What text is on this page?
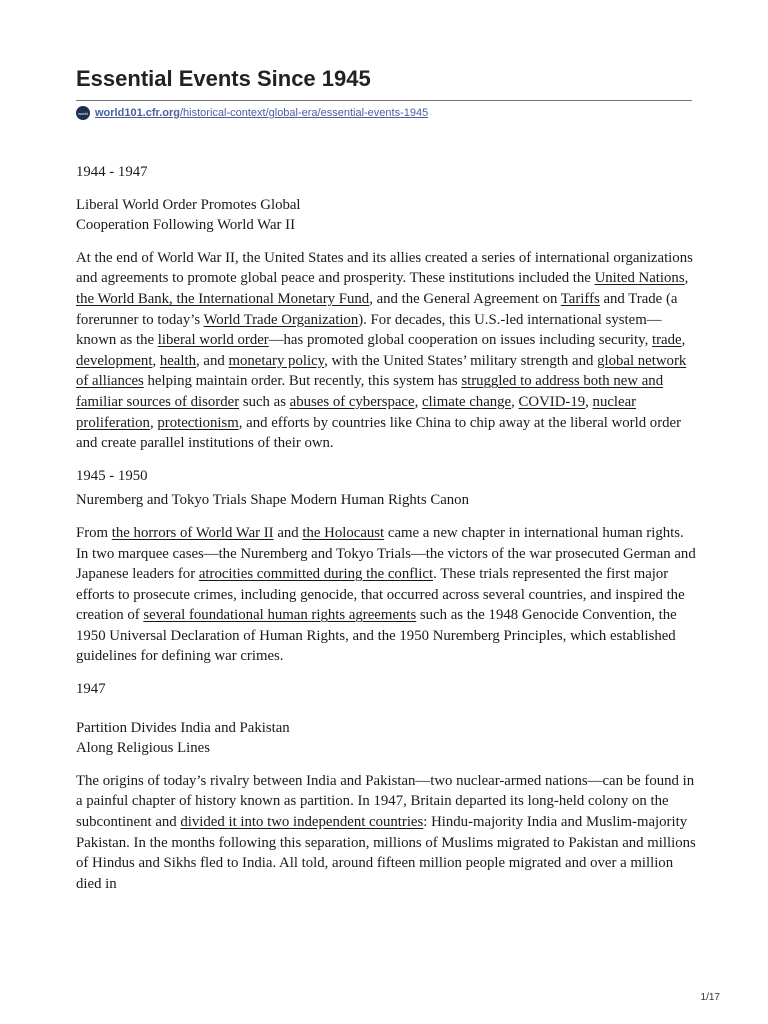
Essential Events Since 1945
world world101.cfr.org /historical-context/global-era/essential-events-1945

1944 - 1947

Liberal World Order Promotes Global
Cooperation Following World War II

At the end of World War II, the United States and its allies created a series of international organizations and agreements to promote global peace and prosperity. These institutions included the United Nations, the World Bank, the International Monetary Fund, and the General Agreement on Tariffs and Trade (a forerunner to today’s World Trade Organization). For decades, this U.S.-led international system—known as the liberal world order—has promoted global cooperation on issues including security, trade, development, health, and monetary policy, with the United States’ military strength and global network of alliances helping maintain order. But recently, this system has struggled to address both new and familiar sources of disorder such as abuses of cyberspace, climate change, COVID-19, nuclear proliferation, protectionism, and efforts by countries like China to chip away at the liberal world order and create parallel institutions of their own.

1945 - 1950

Nuremberg and Tokyo Trials Shape Modern Human Rights Canon

From the horrors of World War II and the Holocaust came a new chapter in international human rights. In two marquee cases—the Nuremberg and Tokyo Trials—the victors of the war prosecuted German and Japanese leaders for atrocities committed during the conflict. These trials represented the first major efforts to prosecute crimes, including genocide, that occurred across several countries, and inspired the creation of several foundational human rights agreements such as the 1948 Genocide Convention, the 1950 Universal Declaration of Human Rights, and the 1950 Nuremberg Principles, which established guidelines for defining war crimes.

1947

Partition Divides India and Pakistan
Along Religious Lines

The origins of today’s rivalry between India and Pakistan—two nuclear-armed nations—can be found in a painful chapter of history known as partition. In 1947, Britain departed its long-held colony on the subcontinent and divided it into two independent countries: Hindu-majority India and Muslim-majority Pakistan. In the months following this separation, millions of Muslims migrated to Pakistan and millions of Hindus and Sikhs fled to India. All told, around fifteen million people migrated and over a million died in

1/17
